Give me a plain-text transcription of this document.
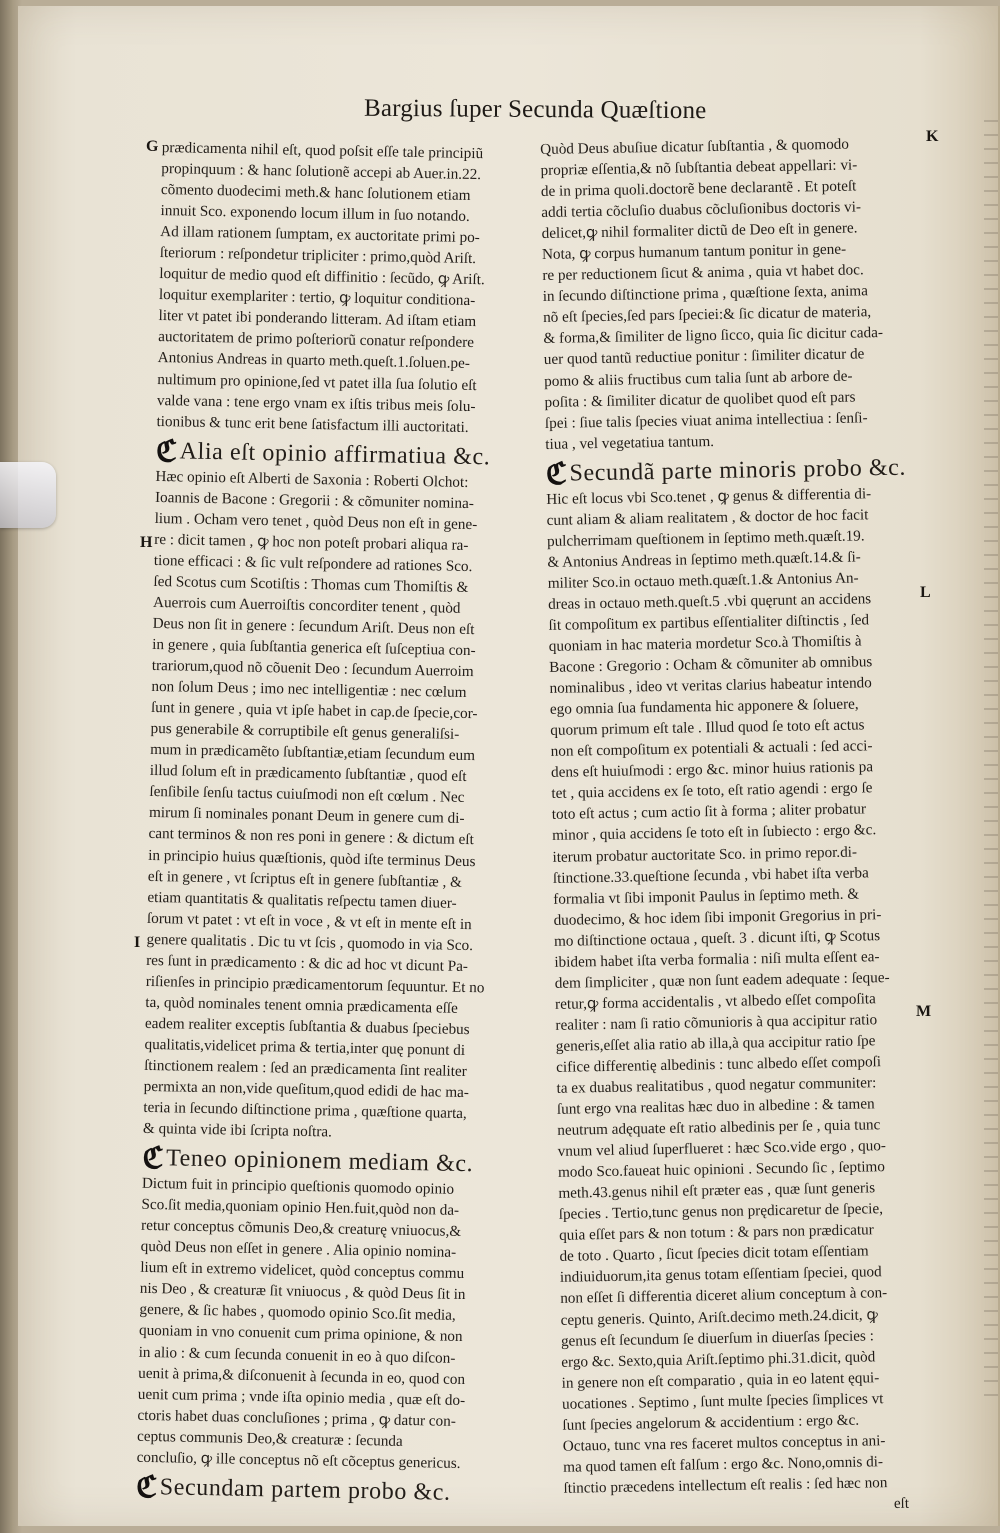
Bargius ſuper Secunda Quæſtione
G
H
I
K
L
M
prædicamenta nihil eſt, quod poſsit eſſe tale principiũ
propinquum : & hanc ſolutionẽ accepi ab Auer.in.22.
cõmento duodecimi meth.& hanc ſolutionem etiam
innuit Sco. exponendo locum illum in ſuo notando.
Ad illam rationem ſumptam, ex auctoritate primi po-
ſteriorum : reſpondetur tripliciter : primo,quòd Ariſt.
loquitur de medio quod eſt diffinitio : ſecũdo, ꝙ Ariſt.
loquitur exemplariter : tertio, ꝙ loquitur conditiona-
liter vt patet ibi ponderando litteram. Ad iſtam etiam
auctoritatem de primo poſteriorũ conatur reſpondere
Antonius Andreas in quarto meth.queſt.1.ſoluen.pe-
nultimum pro opinione,ſed vt patet illa ſua ſolutio eſt
valde vana : tene ergo vnam ex iſtis tribus meis ſolu-
tionibus & tunc erit bene ſatisfactum illi auctoritati.
ℭAlia eſt opinio affirmatiua &c.
Hæc opinio eſt Alberti de Saxonia : Roberti Olchot:
Ioannis de Bacone : Gregorii : & cõmuniter nomina-
lium . Ocham vero tenet , quòd Deus non eſt in gene-
re : dicit tamen , ꝙ hoc non poteſt probari aliqua ra-
tione efficaci : & ſic vult reſpondere ad rationes Sco.
ſed Scotus cum Scotiſtis : Thomas cum Thomiſtis &
Auerrois cum Auerroiſtis concorditer tenent , quòd
Deus non ſit in genere : ſecundum Ariſt. Deus non eſt
in genere , quia ſubſtantia generica eſt ſuſceptiua con-
trariorum,quod nõ cõuenit Deo : ſecundum Auerroim
non ſolum Deus ; imo nec intelligentiæ : nec cœlum
ſunt in genere , quia vt ipſe habet in cap.de ſpecie,cor-
pus generabile & corruptibile eſt genus generaliſsi-
mum in prædicamẽto ſubſtantiæ,etiam ſecundum eum
illud ſolum eſt in prædicamento ſubſtantiæ , quod eſt
ſenſibile ſenſu tactus cuiuſmodi non eſt cœlum . Nec
mirum ſi nominales ponant Deum in genere cum di-
cant terminos & non res poni in genere : & dictum eſt
in principio huius quæſtionis, quòd iſte terminus Deus
eſt in genere , vt ſcriptus eſt in genere ſubſtantiæ , &
etiam quantitatis & qualitatis reſpectu tamen diuer-
ſorum vt patet : vt eſt in voce , & vt eſt in mente eſt in
genere qualitatis . Dic tu vt ſcis , quomodo in via Sco.
res ſunt in prædicamento : & dic ad hoc vt dicunt Pa-
riſienſes in principio prædicamentorum ſequuntur. Et no
ta, quòd nominales tenent omnia prædicamenta eſſe
eadem realiter exceptis ſubſtantia & duabus ſpeciebus
qualitatis,videlicet prima & tertia,inter quę ponunt di
ſtinctionem realem : ſed an prædicamenta ſint realiter
permixta an non,vide queſitum,quod edidi de hac ma-
teria in ſecundo diſtinctione prima , quæſtione quarta,
& quinta vide ibi ſcripta noſtra.
ℭTeneo opinionem mediam &c.
Dictum fuit in principio queſtionis quomodo opinio
Sco.ſit media,quoniam opinio Hen.fuit,quòd non da-
retur conceptus cõmunis Deo,& creaturę vniuocus,&
quòd Deus non eſſet in genere . Alia opinio nomina-
lium eſt in extremo videlicet, quòd conceptus commu
nis Deo , & creaturæ ſit vniuocus , & quòd Deus ſit in
genere, & ſic habes , quomodo opinio Sco.ſit media,
quoniam in vno conuenit cum prima opinione, & non
in alio : & cum ſecunda conuenit in eo à quo diſcon-
uenit à prima,& diſconuenit à ſecunda in eo, quod con
uenit cum prima ; vnde iſta opinio media , quæ eſt do-
ctoris habet duas concluſiones ; prima , ꝙ datur con-
ceptus communis Deo,& creaturæ : ſecunda
concluſio, ꝙ ille conceptus nõ eſt cõceptus genericus.
ℭSecundam partem probo &c.
Quòd Deus abuſiue dicatur ſubſtantia , & quomodo
propriæ eſſentia,& nõ ſubſtantia debeat appellari: vi-
de in prima quoli.doctorẽ bene declarantẽ . Et poteſt
addi tertia cõcluſio duabus cõcluſionibus doctoris vi-
delicet,ꝙ nihil formaliter dictũ de Deo eſt in genere.
Nota, ꝙ corpus humanum tantum ponitur in gene-
re per reductionem ſicut & anima , quia vt habet doc.
in ſecundo diſtinctione prima , quæſtione ſexta, anima
nõ eſt ſpecies,ſed pars ſpeciei:& ſic dicatur de materia,
& forma,& ſimiliter de ligno ſicco, quia ſic dicitur cada-
uer quod tantũ reductiue ponitur : ſimiliter dicatur de
pomo & aliis fructibus cum talia ſunt ab arbore de-
poſita : & ſimiliter dicatur de quolibet quod eſt pars
ſpei : ſiue talis ſpecies viuat anima intellectiua : ſenſi-
tiua , vel vegetatiua tantum.
ℭSecundã parte minoris probo &c.
Hic eſt locus vbi Sco.tenet , ꝙ genus & differentia di-
cunt aliam & aliam realitatem , & doctor de hoc facit
pulcherrimam queſtionem in ſeptimo meth.quæſt.19.
& Antonius Andreas in ſeptimo meth.quæſt.14.& ſi-
militer Sco.in octauo meth.quæſt.1.& Antonius An-
dreas in octauo meth.queſt.5 .vbi quęrunt an accidens
ſit compoſitum ex partibus eſſentialiter diſtinctis , ſed
quoniam in hac materia mordetur Sco.à Thomiſtis à
Bacone : Gregorio : Ocham & cõmuniter ab omnibus
nominalibus , ideo vt veritas clarius habeatur intendo
ego omnia ſua fundamenta hic apponere & ſoluere,
quorum primum eſt tale . Illud quod ſe toto eſt actus
non eſt compoſitum ex potentiali & actuali : ſed acci-
dens eſt huiuſmodi : ergo &c. minor huius rationis pa
tet , quia accidens ex ſe toto, eſt ratio agendi : ergo ſe
toto eſt actus ; cum actio ſit à forma ; aliter probatur
minor , quia accidens ſe toto eſt in ſubiecto : ergo &c.
iterum probatur auctoritate Sco. in primo repor.di-
ſtinctione.33.queſtione ſecunda , vbi habet iſta verba
formalia vt ſibi imponit Paulus in ſeptimo meth. &
duodecimo, & hoc idem ſibi imponit Gregorius in pri-
mo diſtinctione octaua , queſt. 3 . dicunt iſti, ꝙ Scotus
ibidem habet iſta verba formalia : niſi multa eſſent ea-
dem ſimpliciter , quæ non ſunt eadem adequate : ſeque-
retur,ꝙ forma accidentalis , vt albedo eſſet compoſita
realiter : nam ſi ratio cõmunioris à qua accipitur ratio
generis,eſſet alia ratio ab illa,à qua accipitur ratio ſpe
cifice differentię albedinis : tunc albedo eſſet compoſi
ta ex duabus realitatibus , quod negatur communiter:
ſunt ergo vna realitas hæc duo in albedine : & tamen
neutrum adęquate eſt ratio albedinis per ſe , quia tunc
vnum vel aliud ſuperflueret : hæc Sco.vide ergo , quo-
modo Sco.faueat huic opinioni . Secundo ſic , ſeptimo
meth.43.genus nihil eſt præter eas , quæ ſunt generis
ſpecies . Tertio,tunc genus non prędicaretur de ſpecie,
quia eſſet pars & non totum : & pars non prædicatur
de toto . Quarto , ſicut ſpecies dicit totam eſſentiam
indiuiduorum,ita genus totam eſſentiam ſpeciei, quod
non eſſet ſi differentia diceret alium conceptum à con-
ceptu generis. Quinto, Ariſt.decimo meth.24.dicit, ꝙ
genus eſt ſecundum ſe diuerſum in diuerſas ſpecies :
ergo &c. Sexto,quia Ariſt.ſeptimo phi.31.dicit, quòd
in genere non eſt comparatio , quia in eo latent ęqui-
uocationes . Septimo , ſunt multe ſpecies ſimplices vt
ſunt ſpecies angelorum & accidentium : ergo &c.
Octauo, tunc vna res faceret multos conceptus in ani-
ma quod tamen eſt falſum : ergo &c. Nono,omnis di-
ſtinctio præcedens intellectum eſt realis : ſed hæc non
eſt
